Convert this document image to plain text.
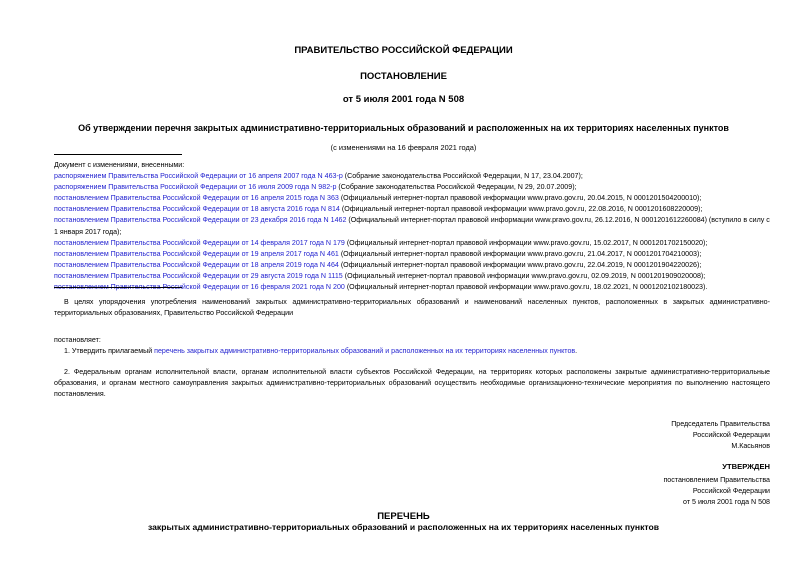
ПРАВИТЕЛЬСТВО РОССИЙСКОЙ ФЕДЕРАЦИИ
ПОСТАНОВЛЕНИЕ
от 5 июля 2001 года N 508
Об утверждении перечня закрытых административно-территориальных образований и расположенных на их территориях населенных пунктов
(с изменениями на 16 февраля 2021 года)
Документ с изменениями, внесенными:
распоряжением Правительства Российской Федерации от 16 апреля 2007 года N 463-р (Собрание законодательства Российской Федерации, N 17, 23.04.2007);
распоряжением Правительства Российской Федерации от 16 июля 2009 года N 982-р (Собрание законодательства Российской Федерации, N 29, 20.07.2009);
постановлением Правительства Российской Федерации от 16 апреля 2015 года N 363 (Официальный интернет-портал правовой информации www.pravo.gov.ru, 20.04.2015, N 0001201504200010);
постановлением Правительства Российской Федерации от 18 августа 2016 года N 814 (Официальный интернет-портал правовой информации www.pravo.gov.ru, 22.08.2016, N 0001201608220009);
постановлением Правительства Российской Федерации от 23 декабря 2016 года N 1462 (Официальный интернет-портал правовой информации www.pravo.gov.ru, 26.12.2016, N 0001201612260084) (вступило в силу с 1 января 2017 года);
постановлением Правительства Российской Федерации от 14 февраля 2017 года N 179 (Официальный интернет-портал правовой информации www.pravo.gov.ru, 15.02.2017, N 0001201702150020);
постановлением Правительства Российской Федерации от 19 апреля 2017 года N 461 (Официальный интернет-портал правовой информации www.pravo.gov.ru, 21.04.2017, N 0001201704210003);
постановлением Правительства Российской Федерации от 18 апреля 2019 года N 464 (Официальный интернет-портал правовой информации www.pravo.gov.ru, 22.04.2019, N 0001201904220026);
постановлением Правительства Российской Федерации от 29 августа 2019 года N 1115 (Официальный интернет-портал правовой информации www.pravo.gov.ru, 02.09.2019, N 0001201909020008);
постановлением Правительства Российской Федерации от 16 февраля 2021 года N 200 (Официальный интернет-портал правовой информации www.pravo.gov.ru, 18.02.2021, N 0001202102180023).
В целях упорядочения употребления наименований закрытых административно-территориальных образований и наименований населенных пунктов, расположенных в закрытых административно-территориальных образованиях, Правительство Российской Федерации
постановляет:
1. Утвердить прилагаемый перечень закрытых административно-территориальных образований и расположенных на их территориях населенных пунктов.
2. Федеральным органам исполнительной власти, органам исполнительной власти субъектов Российской Федерации, на территориях которых расположены закрытые административно-территориальные образования, и органам местного самоуправления закрытых административно-территориальных образований осуществить необходимые организационно-технические мероприятия по выполнению настоящего постановления.
Председатель Правительства
Российской Федерации
М.Касьянов
УТВЕРЖДЕН
постановлением Правительства
Российской Федерации
от 5 июля 2001 года N 508
ПЕРЕЧЕНЬ
закрытых административно-территориальных образований и расположенных на их территориях населенных пунктов
